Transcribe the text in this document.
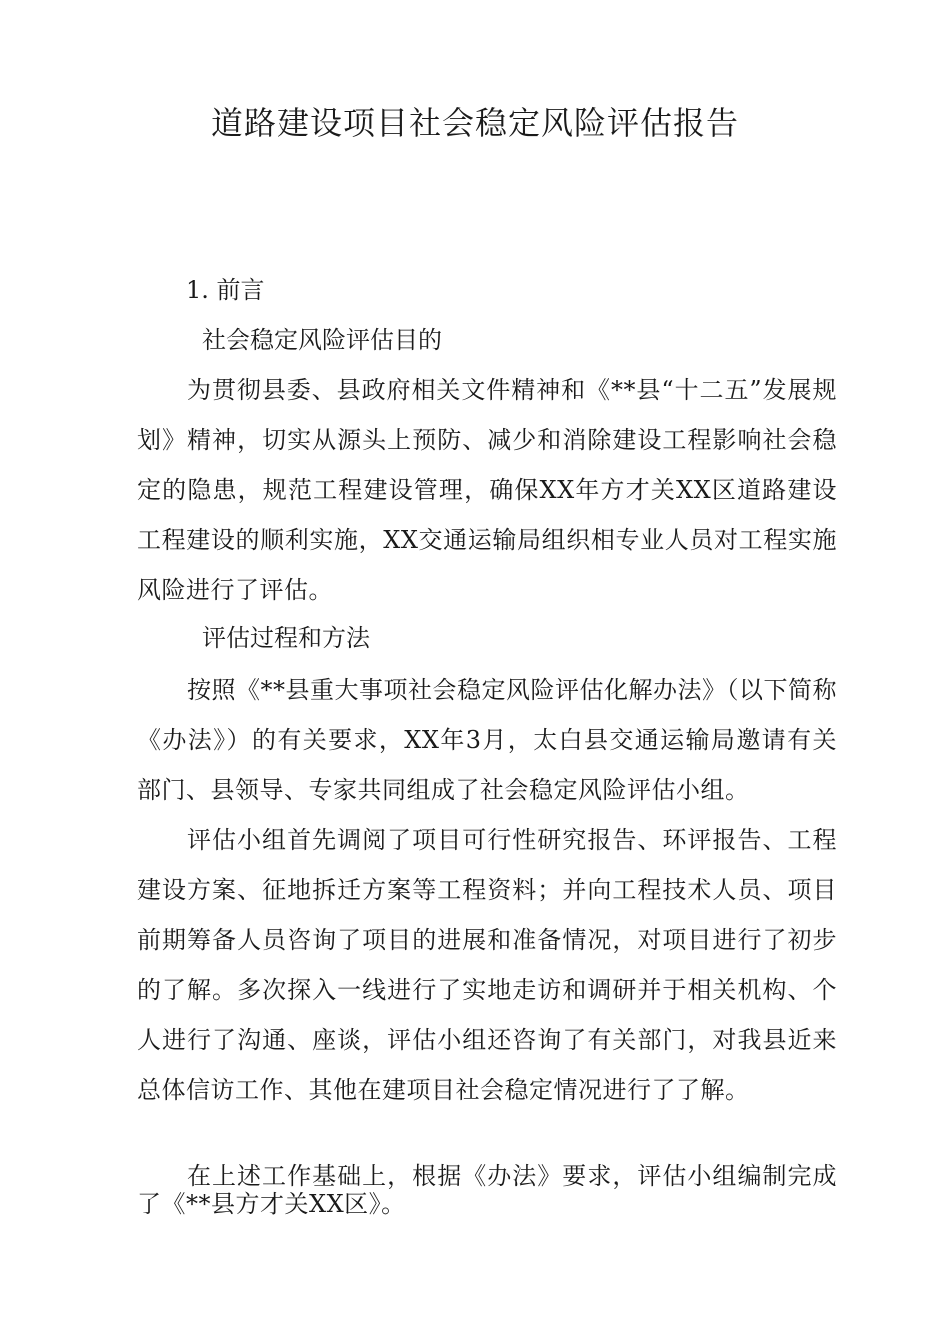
道路建设项目社会稳定风险评估报告
1. 前言
社会稳定风险评估目的

为贯彻县委、县政府相关文件精神和《**县“十二五”发展规划》精神，切实从源头上预防、减少和消除建设工程影响社会稳定的隐患，规范工程建设管理，确保XX年方才关XX区道路建设工程建设的顺利实施，XX交通运输局组织相专业人员对工程实施风险进行了评估。

评估过程和方法

按照《**县重大事项社会稳定风险评估化解办法》（以下简称《办法》）的有关要求，XX年3月，太白县交通运输局邀请有关部门、县领导、专家共同组成了社会稳定风险评估小组。

评估小组首先调阅了项目可行性研究报告、环评报告、工程建设方案、征地拆迁方案等工程资料；并向工程技术人员、项目前期筹备人员咨询了项目的进展和准备情况，对项目进行了初步的了解。多次探入一线进行了实地走访和调研并于相关机构、个人进行了沟通、座谈，评估小组还咨询了有关部门，对我县近来总体信访工作、其他在建项目社会稳定情况进行了了解。

在上述工作基础上，根据《办法》要求，评估小组编制完成了《**县方才关XX区》。
